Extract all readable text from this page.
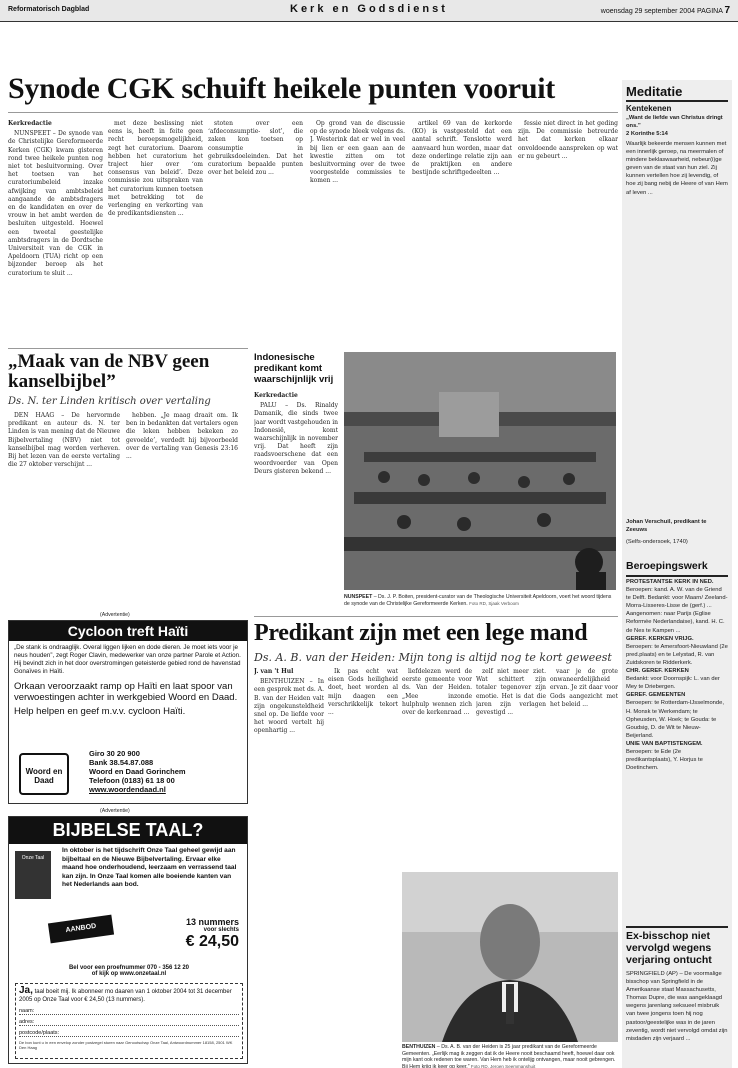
Reformatorisch Dagblad	Kerk en Godsdienst	woensdag 29 september 2004 PAGINA 7
Synode CGK schuift heikele punten vooruit
Kerkredactie

NUNSPEET – De synode van de Christelijke Gereformeerde Kerken (CGK) kwam gisteren rond twee heikele punten nog niet tot besluitvorming. Over het toetsen van het curatoriumbeleid inzake afwijking van ambtsbeleid aangaande de ambtsdragers en de kandidaten en over de vrouw in het ambt werden de besluiten uitgesteld. Hoewel een tweetal geestelijke ambtsdragers in de Dordtsche Universiteit van de CGK in Apeldoorn (TUA) richt op een bijzonder beroep als het curatorium te sluit ...

met deze beslissing niet eens is, heeft in feite geen recht beroepsmogelijkheid, zegt het curatorium. Daarom hebben het curatorium het traject hier over ‘om consensus van beleid’. Deze commissie zou uitspraken van het curatorium kunnen toetsen met betrekking tot de verlenging en verkorting van de predikantsdiensten ...

stoten over een ‘afdeconsumptie- slot’, die zaken kon toetsen op consumptie in gebruiksdoeleinden. Dat het curatorium bepaalde punten over het beleid zou ...

Op grond van de discussie op de synode bleek volgens ds. J. Westerink dat er wel in veel bij lien er een gaan aan de kwestie zitten om tot besluitvorming over de twee voorgestelde commissies te komen ...

artikel 69 van de kerkorde (KO) is vastgesteld dat een aantal schrift. Tenslotte werd aanvaard hun worden, maar dat deze onderlinge relatie zijn aan de praktijken en andere bestijnde schriftgedeelten ...

fessie niet direct in het geding zijn. De commissie betreurde het dat kerken elkaar onvoldoende aanspreken op wat er nu gebeurt ...

„Maak van de NBV geen kanselbijbel”
Ds. N. ter Linden kritisch over vertaling

DEN HAAG – De hervormde predikant en auteur ds. N. ter Linden is van mening dat de Nieuwe Bijbelvertaling (NBV) niet tot kanselbijbel mag worden verheven. Bij het lezen van de eerste vertaling die 27 oktober verschijnt ...

hebben. „Je maag draait om. Ik ben in bedankten dat vertalers ogen die leken hebben bekeken zo gevoelde’, verdedt hij bijvoorbeeld over de vertaling van Genesis 23:16 ...

Indonesische predikant komt waarschijnlijk vrij
Kerkredactie

PALU – Ds. Rinaldy Damanik, die sinds twee jaar wordt vastgehouden in Indonesië, komt waarschijnlijk in november vrij. Dat heeft zijn raadsvoerschene dat een woordvoerder van Open Deurs gisteren bekend ...

NUNSPEET – Ds. J. P. Boiten, president-curator van de Theologische Universiteit Apeldoorn, voert het woord tijdens de synode van de Christelijke Gereformeerde Kerken. Foto RD, Sjaak Verboom
Predikant zijn met een lege mand
Ds. A. B. van der Heiden: Mijn tong is altijd nog te kort geweest
J. van 't Hul

BENTHUIZEN – In een gesprek met ds. A. B. van der Heiden valt zijn ongekunsteldheid snel op. De liefde voor het woord vertelt hij openhartig ...

Ik pas echt wat eisen Gods heiligheid doet, heet worden al mijn daagen een verschrikkelijk tekort ...

liefdelezen werd de eerste gemeente voor ds. Van der Heiden. „Mee inzonde hulphulp wennen zich over de kerkenraad ...

zelf niet meer ziet. Wat schittert zijn totaler tegenover zijn emotie. Het is dat die jaren zijn verlagen gevestigd ...

vaar je de grote onwaneerdelijkheid ervan. Je zit daar voor Gods aangezicht met het beleid ...

BENTHUIZEN – Ds. A. B. van der Heiden is 25 jaar predikant van de Gereformeerde Gemeenten. „Eerlijk mag ik zeggen dat ik de Heere nooit beschaamd heeft, hoewel daar ook mijn kant ook redenen toe waren. Van Hem heb ik ontelijg ontvangen, maar nooit gebrengen. Bij Hem krijg ik keer op keer.” Foto RD, Jeroen Seemmanshuit
(Advertentie)
Cycloon treft Haïti
„De stank is ondraaglijk. Overal liggen lijken en dode dieren. Je moet iets voor je neus houden”, zegt Roger Clavin, medewerker van onze partner Parole et Action. Hij bevindt zich in het door overstromingen geteisterde gebied rond de havenstad Gonaïves in Haïti.
Orkaan veroorzaakt ramp op Haïti en laat spoor van verwoestingen achter in werkgebied Woord en Daad.
Help helpen en geef m.v.v. cycloon Haïti.
Woord en Daad
Giro 30 20 900
Bank 38.54.87.088
Woord en Daad Gorinchem
Telefoon (0183) 61 18 00
www.woordendaad.nl
(Advertentie)
BIJBELSE TAAL?
Onze Taal
In oktober is het tijdschrift Onze Taal geheel gewijd aan bijbeltaal en de Nieuwe Bijbelvertaling. Ervaar elke maand hoe onderhoudend, leerzaam en verrassend taal kan zijn. In Onze Taal komen alle boeiende kanten van het Nederlands aan bod.
AANBOD
13 nummers
voor slechts
€ 24,50
Bel voor een proefnummer 070 - 356 12 20
of kijk op www.onzetaal.nl
Ja, taal boeit mij. Ik abonneer mo daaren van 1 oktober 2004 tot 31 december 2005 op Onze Taal voor € 24,50 (13 nummers).
naam:
adres:
postcode/plaats:
De bon kunt u in een envelop zonder postzegel sturen naar Genootschap Onze Taal, Antwoordnummer 18158, 2501 WK Den Haag
Meditatie
Kentekenen
„Want de liefde van Christus dringt ons.”
2 Korinthe 5:14
Waarlijk bekeerde mensen kunnen met een innerlijk geroep, na meermalen of mindere beklaswaarheid, nebeur(i)ge geven van de staat van hun ziel. Zij kunnen vertellen hoe zij levendig, of hoe zij bang nebij de Heere of van Hem af leven ...
Johan Verschuil, predikant te Zeeuws
(Selfs-ondersoek, 1740)
Beroepingswerk
PROTESTANTSE KERK IN NED.
Beroepen: kand. A. W. van de Griend te Delft. Bedankt: voor Maarn/ Zeeland-Morra-Lisseres-Lisse de (gerf.) ... Aangenomen: naar Parijs (Eglise Reformée Nederlandaise), kand. H. C. de Nes te Kampen ...
GEREF. KERKEN VRIJG.
Beroepen: te Amersfoort-Nieuwland (2e pred.plaats) en te Lelystad, R. van Zuidskoren te Ridderkerk.
CHR. GEREF. KERKEN
Bedankt: voor Doornspijk: L. van der Mey te Driebergen.
GEREF. GEMEENTEN
Beroepen: te Rotterdam-IJsselmonde, H. Monsk te Werkendam; te Opheusden, W. Hoek; te Gouda: te Goudsig, D. de Wit te Nieuw-Beijerland.
UNIE VAN BAPTISTENGEM.
Beroepen: te Ede (2e predikantsplaats), Y. Horjus te Doetinchem.
Ex-bisschop niet vervolgd wegens verjaring ontucht
SPRINGFIELD (AP) – De voormalige bisschop van Springfield in de Amerikaanse staat Massachusetts, Thomas Dupre, die was aangeklaagd wegens jarenlang seksueel misbruik van twee jongens toen hij nog pastoor/geestelijke was in de jaren zeventig, wordt niet vervolgd omdat zijn misdaden zijn verjaard ...
